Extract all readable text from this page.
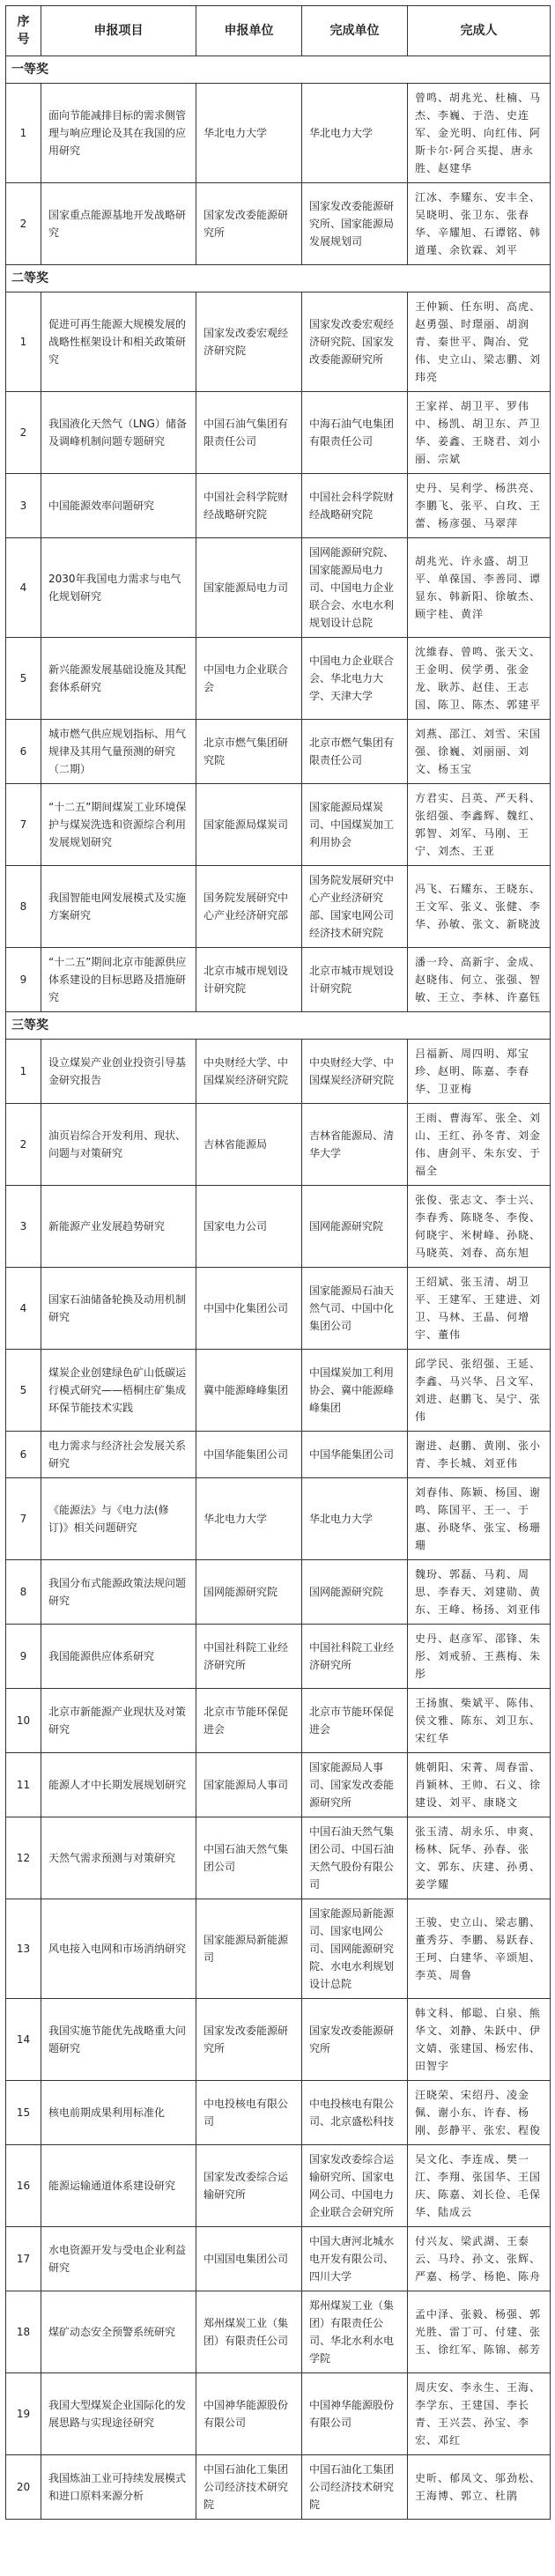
序号	申报项目	申报单位	完成单位	完成人
一等奖				

1	面向节能减排目标的需求侧管理与响应理论及其在我国的应用研究	华北电力大学	华北电力大学	曾鸣、胡兆光、杜楠、马杰、李巍、于浩、史连军、金光明、向红伟、阿斯卡尔·阿合买提、唐永胜、赵建华

2	国家重点能源基地开发战略研究	国家发改委能源研究所	国家发改委能源研究所、国家能源局发展规划司	江冰、李耀东、安丰全、吴晓明、张卫东、张春华、辛耀旭、石谭铭、韩道瑾、余钦霖、刘平

二等奖				

1	促进可再生能源大规模发展的战略性框架设计和相关政策研究	国家发改委宏观经济研究院	国家发改委宏观经济研究院、国家发改委能源研究所	王仲颖、任东明、高虎、赵勇强、时璟丽、胡润青、秦世平、陶冶、党伟、史立山、梁志鹏、刘玮亮

2	我国液化天然气（LNG）储备及调峰机制问题专题研究	中国石油气集团有限责任公司	中海石油气电集团有限责任公司	王家祥、胡卫平、罗伟中、杨凯、胡卫东、芦卫华、姜鑫、王晓君、刘小丽、宗斌

3	中国能源效率问题研究	中国社会科学院财经战略研究院	中国社会科学院财经战略研究院	史丹、吴利学、杨洪亮、李鹏飞、张平、白玫、王蕾、杨彦强、马翠萍

4	2030年我国电力需求与电气化规划研究	国家能源局电力司	国网能源研究院、国家能源局电力司、中国电力企业联合会、水电水利规划设计总院	胡兆光、许永盛、胡卫平、单葆国、李善同、谭显东、韩新阳、徐敏杰、顾宇桂、黄洋

5	新兴能源发展基础设施及其配套体系研究	中国电力企业联合会	中国电力企业联合会、华北电力大学、天津大学	沈維春、曾鸣、张天文、王金明、侯学勇、张金龙、耿苏、赵佳、王志国、陈卫、陈杰、郭建平

6	城市燃气供应规划指标、用气规律及其用气量预测的研究（二期）	北京市燃气集团研究院	北京市燃气集团有限责任公司	刘燕、邵江、刘雪、宋国强、徐巍、刘丽丽、刘文、杨玉宝

7	“十二五”期间煤炭工业环境保护与煤炭洗选和资源综合利用发展规划研究	国家能源局煤炭司	国家能源局煤炭司、中国煤炭加工利用协会	方君实、吕英、严天科、张绍强、李鑫辉、魏红、郭智、刘军、马刚、王宁、刘杰、王亚

8	我国智能电网发展模式及实施方案研究	国务院发展研究中心产业经济研究部	国务院发展研究中心产业经济研究部、国家电网公司经济技术研究院	冯飞、石耀东、王晓东、王文军、张义、张健、李华、孙敏、张文、新晓波

9	“十二五”期间北京市能源供应体系建设的目标思路及措施研究	北京市城市规划设计研究院	北京市城市规划设计研究院	潘一玲、高新宇、金成、赵晓伟、何立、张强、智敏、王立、李林、许嘉钰

三等奖				

1	设立煤炭产业创业投资引导基金研究报告	中央财经大学、中国煤炭经济研究院	中央财经大学、中国煤炭经济研究院	吕福新、周四明、郑宝珍、赵明、陈嘉、李春华、卫亚梅

2	油页岩综合开发利用、现状、问题与对策研究	吉林省能源局	吉林省能源局、清华大学	王雨、曹海军、张全、刘山、王红、孙冬青、刘金伟、唐剑平、朱东安、于福全

3	新能源产业发展趋势研究	国家电力公司	国网能源研究院	张俊、张志文、李士兴、李春秀、陈晓冬、李俊、何晓宇、米树峰、孙晓、马晓英、刘春、高东旭

4	国家石油储备轮换及动用机制研究	中国中化集团公司	国家能源局石油天然气司、中国中化集团公司	王绍斌、张玉清、胡卫平、王建军、王建进、刘卫、马林、王晶、何增宇、董伟

5	煤炭企业创建绿色矿山低碳运行模式研究——梧桐庄矿集成环保节能技术实践	冀中能源峰峰集团	中国煤炭加工利用协会、冀中能源峰峰集团	邱学民、张绍强、王延、李鑫、马兴华、吕文军、刘进、赵鹏飞、吴宁、张伟

6	电力需求与经济社会发展关系研究	中国华能集团公司	中国华能集团公司	谢进、赵鹏、黄刚、张小青、李长城、刘亚伟

7	《能源法》与《电力法(修订)》相关问题研究	华北电力大学	华北电力大学	刘春伟、陈颖、杨国、谢鸣、陈国平、王一、于惠、孙晓华、张宝、杨珊珊

8	我国分布式能源政策法规问题研究	国网能源研究院	国网能源研究院	魏玢、郭磊、马莉、周思、李春天、刘建勋、黄东、王峰、杨扬、刘亚伟

9	我国能源供应体系研究	中国社科院工业经济研究所	中国社科院工业经济研究所	史丹、赵彦军、邵锋、朱彤、刘戒骄、王燕梅、朱彤

10	北京市新能源产业现状及对策研究	北京市节能环保促进会	北京市节能环保促进会	王扬旗、柴斌平、陈伟、侯文雅、陈东、刘卫东、宋红华

11	能源人才中长期发展规划研究	国家能源局人事司	国家能源局人事司、国家发改委能源研究所	姚朝阳、宋菁、周春雷、肖颖林、王帅、石义、徐建设、刘平、康晓文

12	天然气需求预测与对策研究	中国石油天然气集团公司	中国石油天然气集团公司、中国石油天然气股份有限公司	张玉清、胡永乐、申爽、杨林、阮华、孙春、张文、郭东、庆建、孙勇、姜学耀

13	风电接入电网和市场消纳研究	国家能源局新能源司	国家能源局新能源司、国家电网公司、国网能源研究院、水电水利规划设计总院	王骏、史立山、梁志鹏、董秀芬、李鹏、易跃春、王珂、白建华、辛颂旭、李英、周鲁

14	我国实施节能优先战略重大问题研究	国家发改委能源研究所	国家发改委能源研究所	韩文科、郁聪、白泉、熊华文、刘静、朱跃中、伊文婧、张建国、杨宏伟、田智宇

15	核电前期成果利用标准化	中电投核电有限公司	中电投核电有限公司、北京盛松科技	汪晓荣、宋绍丹、凌金佩、谢小东、许春、杨刚、彭静平、张宏、程俊

16	能源运输通道体系建设研究	国家发改委综合运输研究所	国家发改委综合运输研究所、国家电网公司、中国电力企业联合会研究所	吴文化、李连成、樊一江、李翔、张国华、王国庆、陈嘉、刘长俭、毛保华、陆成云

17	水电资源开发与受电企业利益研究	中国国电集团公司	中国大唐河北城水电开发有限公司、四川大学	付兴友、梁武湖、王泰云、马玲、孙文、张辉、严嘉、杨学、杨艳、陈舟

18	煤矿动态安全预警系统研究	郑州煤炭工业（集团）有限责任公司	郑州煤炭工业（集团）有限责任公司、华北水利水电学院	孟中泽、张毅、杨强、郭光胜、雷丁可、付建、张玉、徐红军、陈锦、郝芳

19	我国大型煤炭企业国际化的发展思路与实现途径研究	中国神华能源股份有限公司	中国神华能源股份有限公司	周庆安、李永生、王海、李学东、王建国、李长青、王兴芸、孙宝、李宏、邓红

20	我国炼油工业可持续发展模式和进口原料来源分析	中国石油化工集团公司经济技术研究院	中国石油化工集团公司经济技术研究院	史昕、郁凤文、邬劲松、王海博、郭立、杜鹃
